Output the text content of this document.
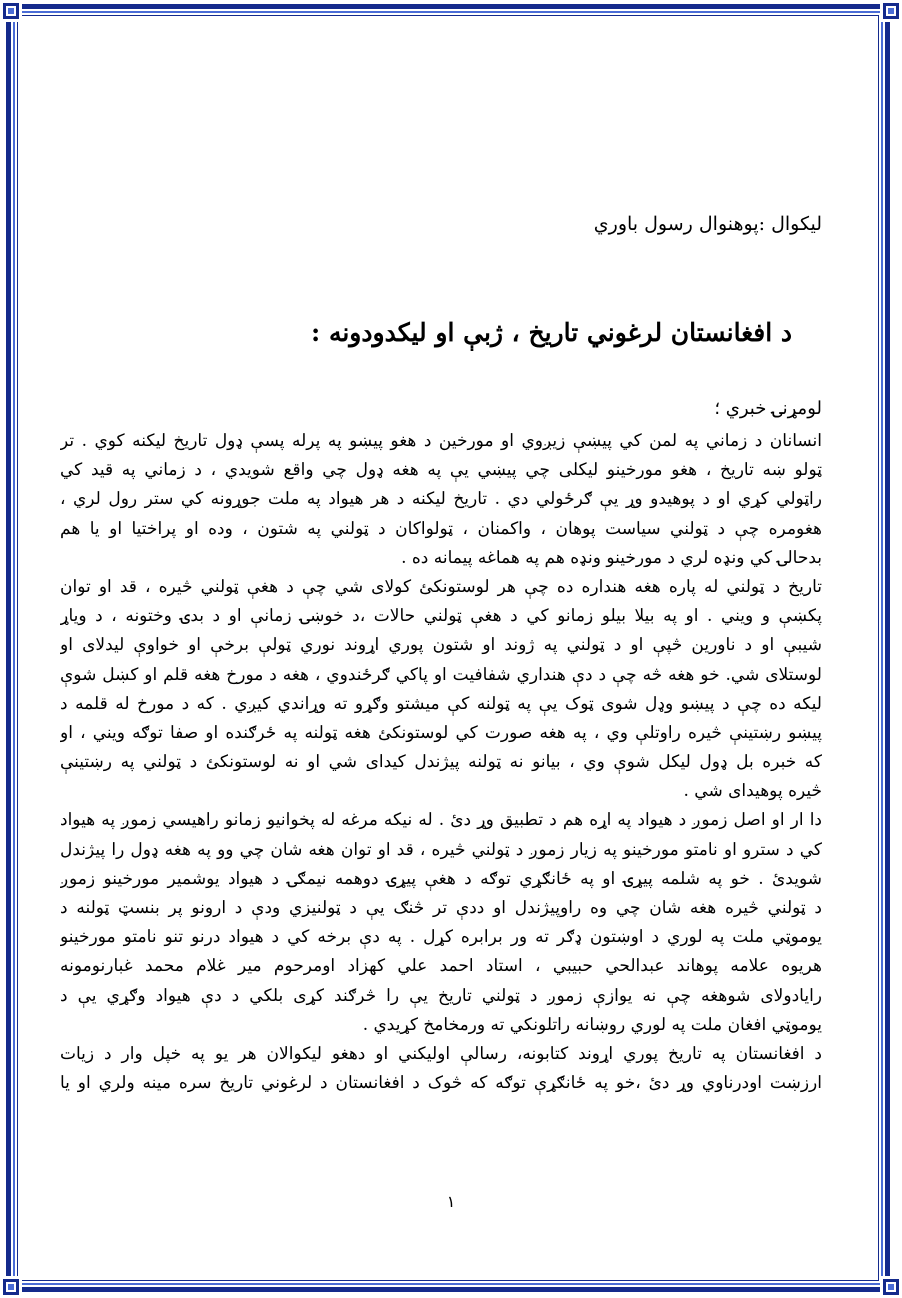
ليكوال :پوهنوال رسول باوري
د افغانستان لرغوني تاريخ ، ژبې او ليکدودونه :
لومړنۍ خبري ؛
انسانان د زماني په لمن کي پيښې زيږوي او مورخين د هغو پيښو په پرله پسې ډول تاريخ ليکنه کوي . تر
ټولو ښه تاريخ ، هغو مورخينو ليکلی چي پيښي يې په هغه ډول چي واقع شويدي ، د زماني په قيد کي
راټولي کړي او د پوهيدو وړ يې ګرځولي دي . تاريخ ليکنه د هر هيواد په ملت جوړونه کي ستر رول لري ،
هغومره چې د ټولني سياست پوهان ، واکمنان ، ټولواکان د ټولني په شتون ، وده او پراختيا او يا هم
بدحالۍ کي ونډه لري د مورخينو ونډه هم په هماغه پيمانه ده .
تاريخ د ټولني له پاره هغه هنداره ده چې هر لوستونکئ کولای شي چې د هغې ټولني څيره ، قد او توان
پکښې و ويني . او په بيلا بيلو زمانو کي د هغې ټولني حالات ،د خوښۍ زمانې او د بدۍ وختونه ، د وياړ
شيبې او د ناورين څپې او د ټولني په ژوند او شتون پوري اړوند نوري ټولې برخې او خواوې ليدلای او
لوستلای شي. خو هغه څه چې د دې هنداري شفافيت او پاکي ګرځندوي ، هغه د مورخ هغه قلم او کښل شوې
ليکه ده چې د پيښو وډل شوی ټوک يې په ټولنه کې ميشتو وګړو ته وړاندي کيږي . که د مورخ له قلمه د
پيښو رښتينې څيره راوتلې وي ، په هغه صورت کي لوستونکئ هغه ټولنه په ځرګنده او صفا توګه ويني ، او
که خبره بل ډول ليکل شوې وي ، بيانو نه ټولنه پيژندل کيدای شي او نه لوستونکئ د ټولني په رښتينې
څيره پوهيدای شي .
دا ار او اصل زموږ د هيواد په اړه هم د تطبيق وړ دئ . له نيکه مرغه له پخوانيو زمانو راهيسي زموږ په هيواد
کي د سترو او نامتو مورخينو په زيار زموږ د ټولني څيره ، قد او توان هغه شان چي وو په هغه ډول را پيژندل
شويدئ . خو په شلمه پيړۍ او په ځانګړي توګه د هغې پيړۍ دوهمه نيمګۍ د هيواد يوشمير مورخينو زموږ
د ټولني څيره هغه شان چي وه راوپيژندل او ددې تر څنګ يې د ټولنيزي ودې د ارونو پر بنسټ ټولنه د
يوموټي ملت په لوري د اوښتون ډګر ته ور برابره کړل . په دې برخه کي د هيواد درنو تنو نامتو مورخينو
هريوه علامه پوهاند عبدالحي حبيبي ، استاد احمد علي کهزاد اومرحوم مير غلام محمد غبارنومونه
رايادولای شوهغه چې نه يوازې زموږ د ټولني تاريخ يې را څرګند کړی بلکي د دې هيواد وګړي يې د
يوموټي افغان ملت په لوري روښانه راتلونکي ته ورمخامخ کړيدي .
د افغانستان په تاريخ پوري اړوند کتابونه، رسالې اوليکني او دهغو ليکوالان هر يو په خپل وار د زيات
ارزښت اودرناوي وړ دئ ،خو په ځانګړې توګه که څوک د افغانستان د لرغوني تاريخ سره مينه ولري او يا
١
